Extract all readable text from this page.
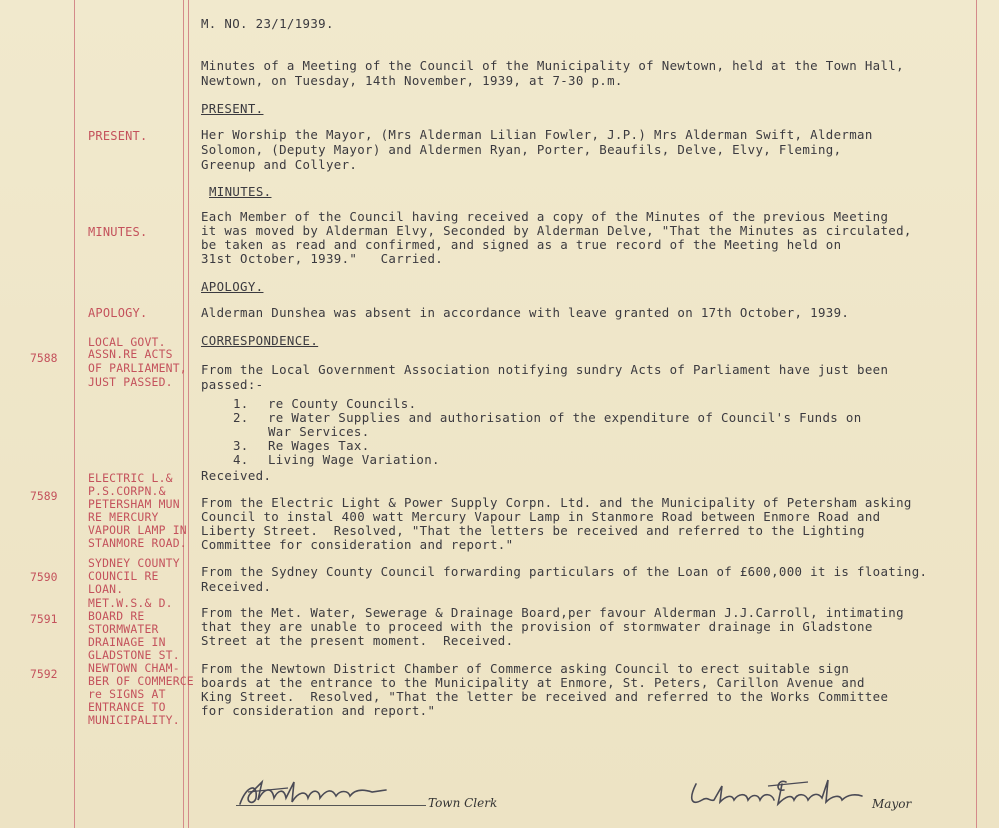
M. NO. 23/1/1939.
Minutes of a Meeting of the Council of the Municipality of Newtown, held at the Town Hall,
Newtown, on Tuesday, 14th November, 1939, at 7-30 p.m.
PRESENT.
PRESENT.	Her Worship the Mayor, (Mrs Alderman Lilian Fowler, J.P.) Mrs Alderman Swift, Alderman
Solomon, (Deputy Mayor) and Aldermen Ryan, Porter, Beaufils, Delve, Elvy, Fleming,
Greenup and Collyer.
MINUTES.
MINUTES.
Each Member of the Council having received a copy of the Minutes of the previous Meeting
it was moved by Alderman Elvy, Seconded by Alderman Delve, "That the Minutes as circulated,
be taken as read and confirmed, and signed as a true record of the Meeting held on
31st October, 1939."   Carried.
APOLOGY.
APOLOGY.	Alderman Dunshea was absent in accordance with leave granted on 17th October, 1939.
CORRESPONDENCE.
7588
LOCAL GOVT.
ASSN.RE ACTS
OF PARLIAMENT,
JUST PASSED.
From the Local Government Association notifying sundry Acts of Parliament have just been
passed:-
1. re County Councils.
2. re Water Supplies and authorisation of the expenditure of Council's Funds on
War Services.
3. Re Wages Tax.
4. Living Wage Variation.
Received.
7589
ELECTRIC L.&
P.S.CORPN.&
PETERSHAM MUN
RE MERCURY
VAPOUR LAMP IN
STANMORE ROAD.
From the Electric Light & Power Supply Corpn. Ltd. and the Municipality of Petersham asking
Council to instal 400 watt Mercury Vapour Lamp in Stanmore Road between Enmore Road and
Liberty Street.  Resolved, "That the letters be received and referred to the Lighting
Committee for consideration and report."
7590
SYDNEY COUNTY
COUNCIL RE
LOAN.
From the Sydney County Council forwarding particulars of the Loan of £600,000 it is floating.
Received.
7591
MET.W.S.& D.
BOARD RE
STORMWATER
DRAINAGE IN
GLADSTONE ST.
From the Met. Water, Sewerage & Drainage Board,per favour Alderman J.J.Carroll, intimating
that they are unable to proceed with the provision of stormwater drainage in Gladstone
Street at the present moment.  Received.
7592	NEWTOWN CHAM-
BER OF COMMERCE
re SIGNS AT
ENTRANCE TO
MUNICIPALITY.
From the Newtown District Chamber of Commerce asking Council to erect suitable sign
boards at the entrance to the Municipality at Enmore, St. Peters, Carillon Avenue and
King Street.  Resolved, "That the letter be received and referred to the Works Committee
for consideration and report."
Town Clerk	Mayor
